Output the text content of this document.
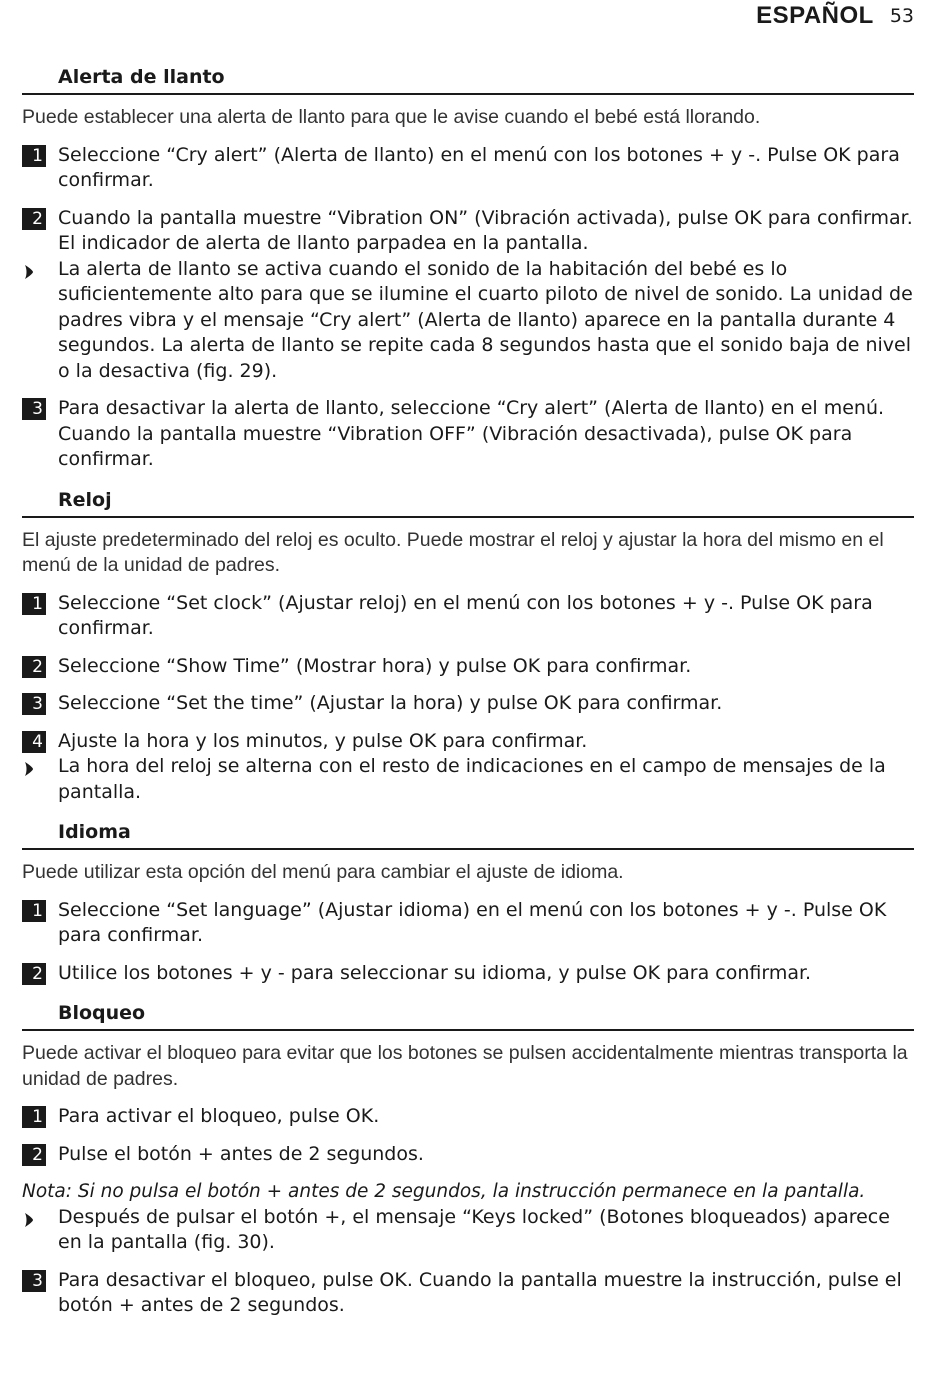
ESPAÑOL 53
Alerta de llanto
Puede establecer una alerta de llanto para que le avise cuando el bebé está llorando.
1 Seleccione “Cry alert” (Alerta de llanto) en el menú con los botones + y -. Pulse OK para confirmar.
2 Cuando la pantalla muestre “Vibration ON” (Vibración activada), pulse OK para confirmar. El indicador de alerta de llanto parpadea en la pantalla.
La alerta de llanto se activa cuando el sonido de la habitación del bebé es lo suficientemente alto para que se ilumine el cuarto piloto de nivel de sonido. La unidad de padres vibra y el mensaje “Cry alert” (Alerta de llanto) aparece en la pantalla durante 4 segundos. La alerta de llanto se repite cada 8 segundos hasta que el sonido baja de nivel o la desactiva (fig. 29).
3 Para desactivar la alerta de llanto, seleccione “Cry alert” (Alerta de llanto) en el menú. Cuando la pantalla muestre “Vibration OFF” (Vibración desactivada), pulse OK para confirmar.
Reloj
El ajuste predeterminado del reloj es oculto. Puede mostrar el reloj y ajustar la hora del mismo en el menú de la unidad de padres.
1 Seleccione “Set clock” (Ajustar reloj) en el menú con los botones + y -. Pulse OK para confirmar.
2 Seleccione “Show Time” (Mostrar hora) y pulse OK para confirmar.
3 Seleccione “Set the time” (Ajustar la hora) y pulse OK para confirmar.
4 Ajuste la hora y los minutos, y pulse OK para confirmar.
La hora del reloj se alterna con el resto de indicaciones en el campo de mensajes de la pantalla.
Idioma
Puede utilizar esta opción del menú para cambiar el ajuste de idioma.
1 Seleccione “Set language” (Ajustar idioma) en el menú con los botones + y -. Pulse OK para confirmar.
2 Utilice los botones + y - para seleccionar su idioma, y pulse OK para confirmar.
Bloqueo
Puede activar el bloqueo para evitar que los botones se pulsen accidentalmente mientras transporta la unidad de padres.
1 Para activar el bloqueo, pulse OK.
2 Pulse el botón + antes de 2 segundos.
Nota: Si no pulsa el botón + antes de 2 segundos, la instrucción permanece en la pantalla.
Después de pulsar el botón +, el mensaje “Keys locked” (Botones bloqueados) aparece en la pantalla (fig. 30).
3 Para desactivar el bloqueo, pulse OK. Cuando la pantalla muestre la instrucción, pulse el botón + antes de 2 segundos.
